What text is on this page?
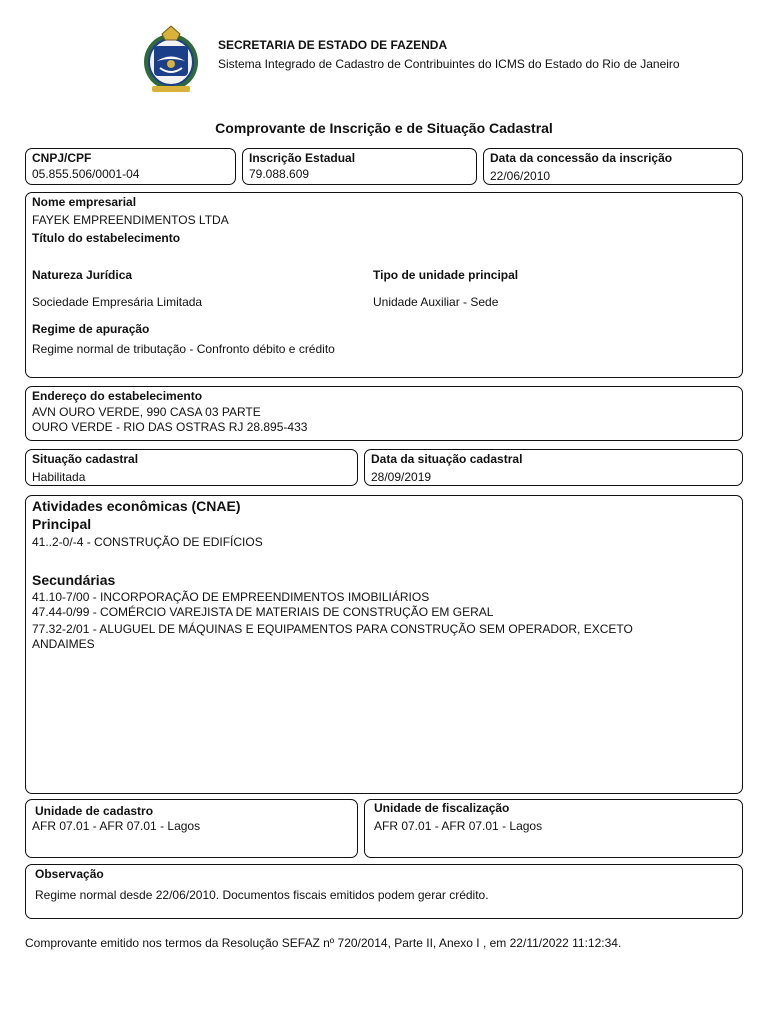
SECRETARIA DE ESTADO DE FAZENDA
Sistema Integrado de Cadastro de Contribuintes do ICMS do Estado do Rio de Janeiro
Comprovante de Inscrição e de Situação Cadastral
CNPJ/CPF
05.855.506/0001-04
Inscrição Estadual
79.088.609
Data da concessão da inscrição
22/06/2010
Nome empresarial
FAYEK EMPREENDIMENTOS LTDA
Título do estabelecimento
Natureza Jurídica
Sociedade Empresária Limitada
Tipo de unidade principal
Unidade Auxiliar - Sede
Regime de apuração
Regime normal de tributação - Confronto débito e crédito
Endereço do estabelecimento
AVN OURO VERDE, 990 CASA 03 PARTE
OURO VERDE - RIO DAS OSTRAS RJ 28.895-433
Situação cadastral
Habilitada
Data da situação cadastral
28/09/2019
Atividades econômicas (CNAE)
Principal
41..2-0/-4 - CONSTRUÇÃO DE EDIFÍCIOS
Secundárias
41.10-7/00 - INCORPORAÇÃO DE EMPREENDIMENTOS IMOBILIÁRIOS
47.44-0/99 - COMÉRCIO VAREJISTA DE MATERIAIS DE CONSTRUÇÃO EM GERAL
77.32-2/01 - ALUGUEL DE MÁQUINAS E EQUIPAMENTOS PARA CONSTRUÇÃO SEM OPERADOR, EXCETO
ANDAIMES
Unidade de cadastro
AFR 07.01 - AFR 07.01 - Lagos
Unidade de fiscalização
AFR 07.01 - AFR 07.01 - Lagos
Observação
Regime normal desde 22/06/2010. Documentos fiscais emitidos podem gerar crédito.
Comprovante emitido nos termos da Resolução SEFAZ nº 720/2014, Parte II, Anexo I , em 22/11/2022 11:12:34.
